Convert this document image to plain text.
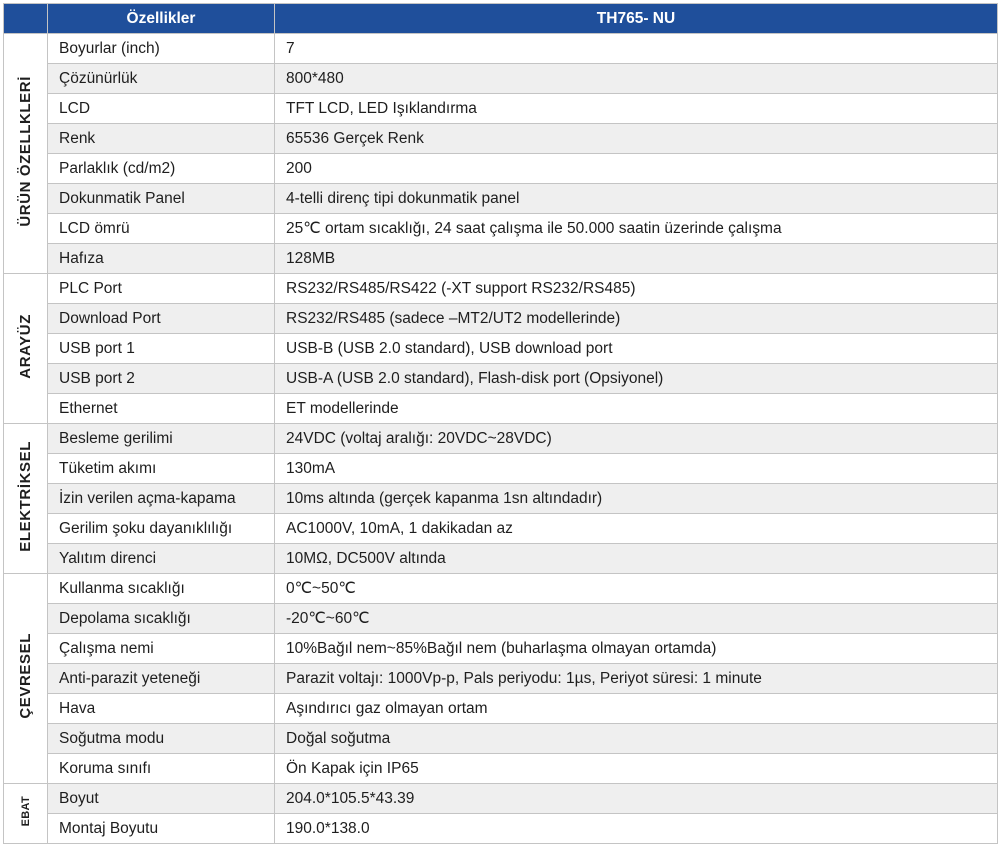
	Özellikler	TH765- NU
ÜRÜN ÖZELLKLERİ	Boyurlar (inch)	7
	Çözünürlük	800*480
	LCD	TFT LCD, LED Işıklandırma
	Renk	65536 Gerçek Renk
	Parlaklık (cd/m2)	200
	Dokunmatik Panel	4-telli direnç tipi dokunmatik panel
	LCD ömrü	25℃ ortam sıcaklığı, 24 saat çalışma ile 50.000 saatin üzerinde çalışma
	Hafıza	128MB
ARAYÜZ	PLC Port	RS232/RS485/RS422 (-XT support RS232/RS485)
	Download Port	RS232/RS485 (sadece –MT2/UT2 modellerinde)
	USB port 1	USB-B (USB 2.0 standard), USB download port
	USB port 2	USB-A (USB 2.0 standard), Flash-disk port (Opsiyonel)
	Ethernet	ET modellerinde
ELEKTRİKSEL	Besleme gerilimi	24VDC (voltaj aralığı: 20VDC~28VDC)
	Tüketim akımı	130mA
	İzin verilen açma-kapama	10ms altında (gerçek kapanma 1sn altındadır)
	Gerilim şoku dayanıklılığı	AC1000V, 10mA, 1 dakikadan az
	Yalıtım direnci	10MΩ, DC500V altında
ÇEVRESEL	Kullanma sıcaklığı	0℃~50℃
	Depolama sıcaklığı	-20℃~60℃
	Çalışma nemi	10%Bağıl nem~85%Bağıl nem (buharlaşma olmayan ortamda)
	Anti-parazit yeteneği	Parazit voltajı: 1000Vp-p, Pals periyodu: 1µs, Periyot süresi: 1 minute
	Hava	Aşındırıcı gaz olmayan ortam
	Soğutma modu	Doğal soğutma
	Koruma sınıfı	Ön Kapak için IP65
EBAT	Boyut	204.0*105.5*43.39
	Montaj Boyutu	190.0*138.0
